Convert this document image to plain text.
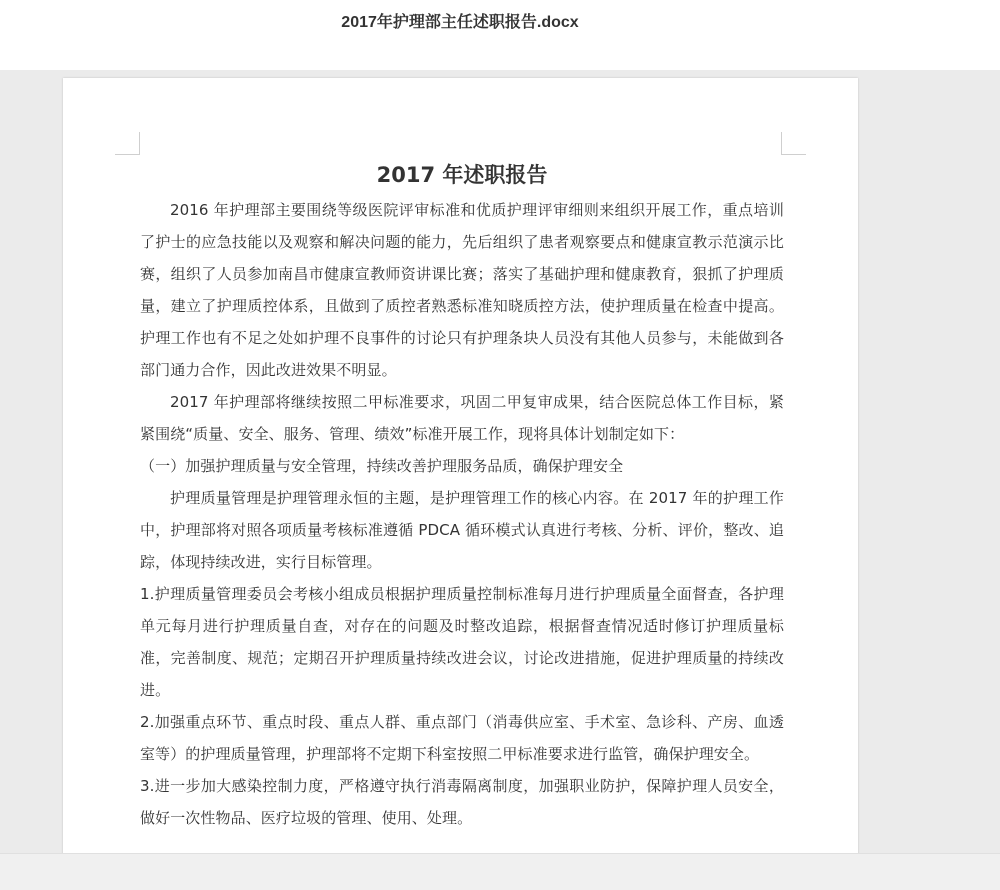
2017年护理部主任述职报告.docx
2017 年述职报告

2016 年护理部主要围绕等级医院评审标准和优质护理评审细则来组织开展工作，重点培训了护士的应急技能以及观察和解决问题的能力，先后组织了患者观察要点和健康宣教示范演示比赛，组织了人员参加南昌市健康宣教师资讲课比赛；落实了基础护理和健康教育，狠抓了护理质量，建立了护理质控体系，且做到了质控者熟悉标准知晓质控方法，使护理质量在检查中提高。护理工作也有不足之处如护理不良事件的讨论只有护理条块人员没有其他人员参与，未能做到各部门通力合作，因此改进效果不明显。

2017 年护理部将继续按照二甲标准要求，巩固二甲复审成果，结合医院总体工作目标，紧紧围绕“质量、安全、服务、管理、绩效”标准开展工作，现将具体计划制定如下：

（一）加强护理质量与安全管理，持续改善护理服务品质，确保护理安全

护理质量管理是护理管理永恒的主题，是护理管理工作的核心内容。在 2017 年的护理工作中，护理部将对照各项质量考核标准遵循 PDCA 循环模式认真进行考核、分析、评价，整改、追踪，体现持续改进，实行目标管理。

1.护理质量管理委员会考核小组成员根据护理质量控制标准每月进行护理质量全面督查，各护理单元每月进行护理质量自查，对存在的问题及时整改追踪，根据督查情况适时修订护理质量标准，完善制度、规范；定期召开护理质量持续改进会议，讨论改进措施，促进护理质量的持续改进。

2.加强重点环节、重点时段、重点人群、重点部门（消毒供应室、手术室、急诊科、产房、血透室等）的护理质量管理，护理部将不定期下科室按照二甲标准要求进行监管，确保护理安全。

3.进一步加大感染控制力度，严格遵守执行消毒隔离制度，加强职业防护，保障护理人员安全，做好一次性物品、医疗垃圾的管理、使用、处理。
